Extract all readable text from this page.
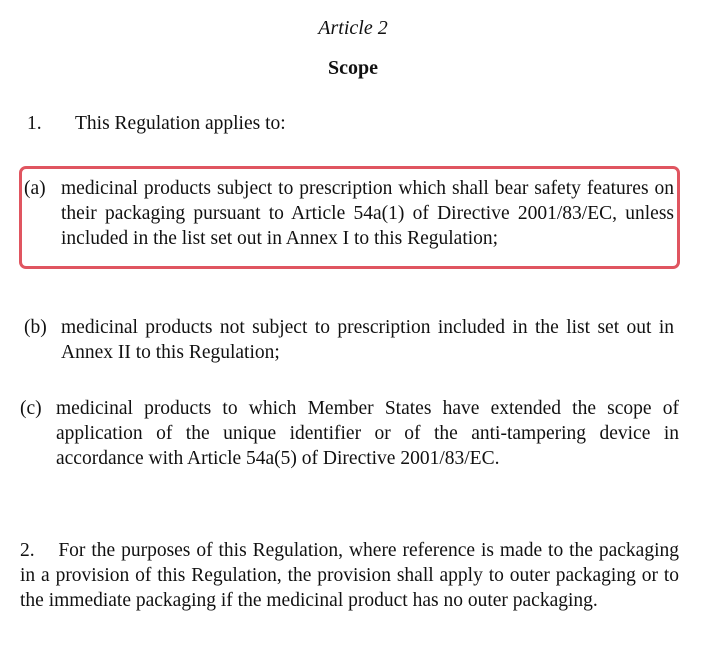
Article 2

Scope

1. This Regulation applies to:
(a) medicinal products subject to prescription which shall bear safety features on their packaging pursuant to Article 54a(1) of Directive 2001/83/EC, unless included in the list set out in Annex I to this Regulation;
(b) medicinal products not subject to prescription included in the list set out in Annex II to this Regulation;
(c) medicinal products to which Member States have extended the scope of application of the unique identifier or of the anti-tampering device in accordance with Article 54a(5) of Directive 2001/83/EC.

2.    For the purposes of this Regulation, where reference is made to the packaging in a provision of this Regulation, the provision shall apply to outer packaging or to the immediate packaging if the medicinal product has no outer packaging.
